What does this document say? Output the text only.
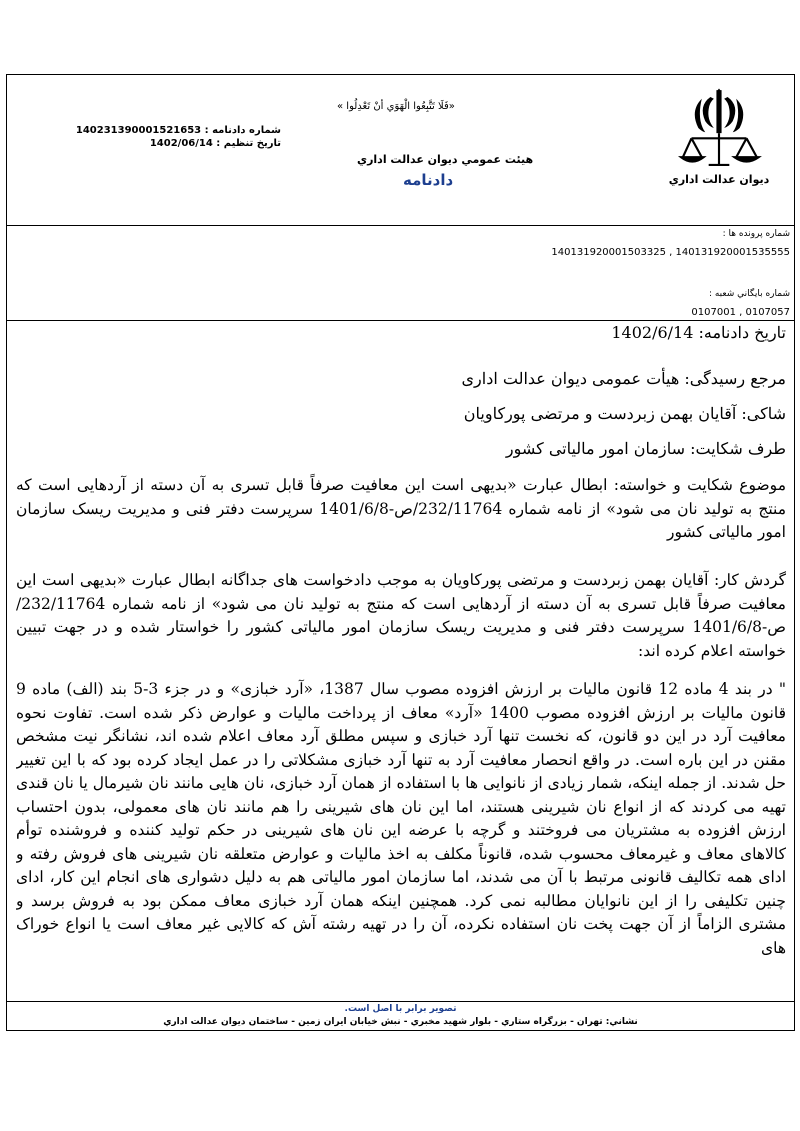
ديوان عدالت اداري
«فَلَا تَتَّبِعُوا الْهَوَي أنْ تَعْدِلُوا »
هيئت عمومي ديوان عدالت اداري
دادنامه
شماره دادنامه : 140231390001521653
تاريخ تنظيم : 1402/06/14
شماره پرونده ها :
140131920001503325 , 140131920001535555
شماره بايگاني شعبه :
0107001 , 0107057
تاریخ دادنامه: 1402/6/14
مرجع رسیدگی: هیأت عمومی دیوان عدالت اداری
شاکی: آقایان بهمن زبردست و مرتضی پورکاویان
طرف شکایت: سازمان امور مالیاتی کشور

موضوع شکایت و خواسته: ابطال عبارت «بدیهی است این معافیت صرفاً قابل تسری به آن دسته از آردهایی است که منتج به تولید نان می شود» از نامه شماره 232/11764/ص-1401/6/8 سرپرست دفتر فنی و مدیریت ریسک سازمان امور مالیاتی کشور

گردش کار: آقایان بهمن زبردست و مرتضی پورکاویان به موجب دادخواست های جداگانه ابطال عبارت «بدیهی است این معافیت صرفاً قابل تسری به آن دسته از آردهایی است که منتج به تولید نان می شود» از نامه شماره 232/11764/ص-1401/6/8 سرپرست دفتر فنی و مدیریت ریسک سازمان امور مالیاتی کشور را خواستار شده و در جهت تبیین خواسته اعلام کرده اند:

" در بند 4 ماده 12 قانون مالیات بر ارزش افزوده مصوب سال 1387، «آرد خبازی» و در جزء 3-5 بند (الف) ماده 9 قانون مالیات بر ارزش افزوده مصوب 1400 «آرد» معاف از پرداخت مالیات و عوارض ذکر شده است. تفاوت نحوه معافیت آرد در این دو قانون، که نخست تنها آرد خبازی و سپس مطلق آرد معاف اعلام شده اند، نشانگر نیت مشخص مقنن در این باره است. در واقع انحصار معافیت آرد به تنها آرد خبازی مشکلاتی را در عمل ایجاد کرده بود که با این تغییر حل شدند. از جمله اینکه، شمار زیادی از نانوایی ها با استفاده از همان آرد خبازی، نان هایی مانند نان شیرمال یا نان قندی تهیه می کردند که از انواع نان شیرینی هستند، اما این نان های شیرینی را هم مانند نان های معمولی، بدون احتساب ارزش افزوده به مشتریان می فروختند و گرچه با عرضه این نان های شیرینی در حکم تولید کننده و فروشنده توأم کالاهای معاف و غیرمعاف محسوب شده، قانوناً مکلف به اخذ مالیات و عوارض متعلقه نان شیرینی های فروش رفته و ادای همه تکالیف قانونی مرتبط با آن می شدند، اما سازمان امور مالیاتی هم به دلیل دشواری های انجام این کار، ادای چنین تکلیفی را از این نانوایان مطالبه نمی کرد. همچنین اینکه همان آرد خبازی معاف ممکن بود به فروش برسد و مشتری الزاماً از آن جهت پخت نان استفاده نکرده، آن را در تهیه رشته آش که کالایی غیر معاف است یا انواع خوراک های

تصوير برابر با اصل است.
نشاني: تهران - بزرگراه ستاري - بلوار شهيد مخبري - نبش خيابان ايران زمين - ساختمان ديوان عدالت اداري
